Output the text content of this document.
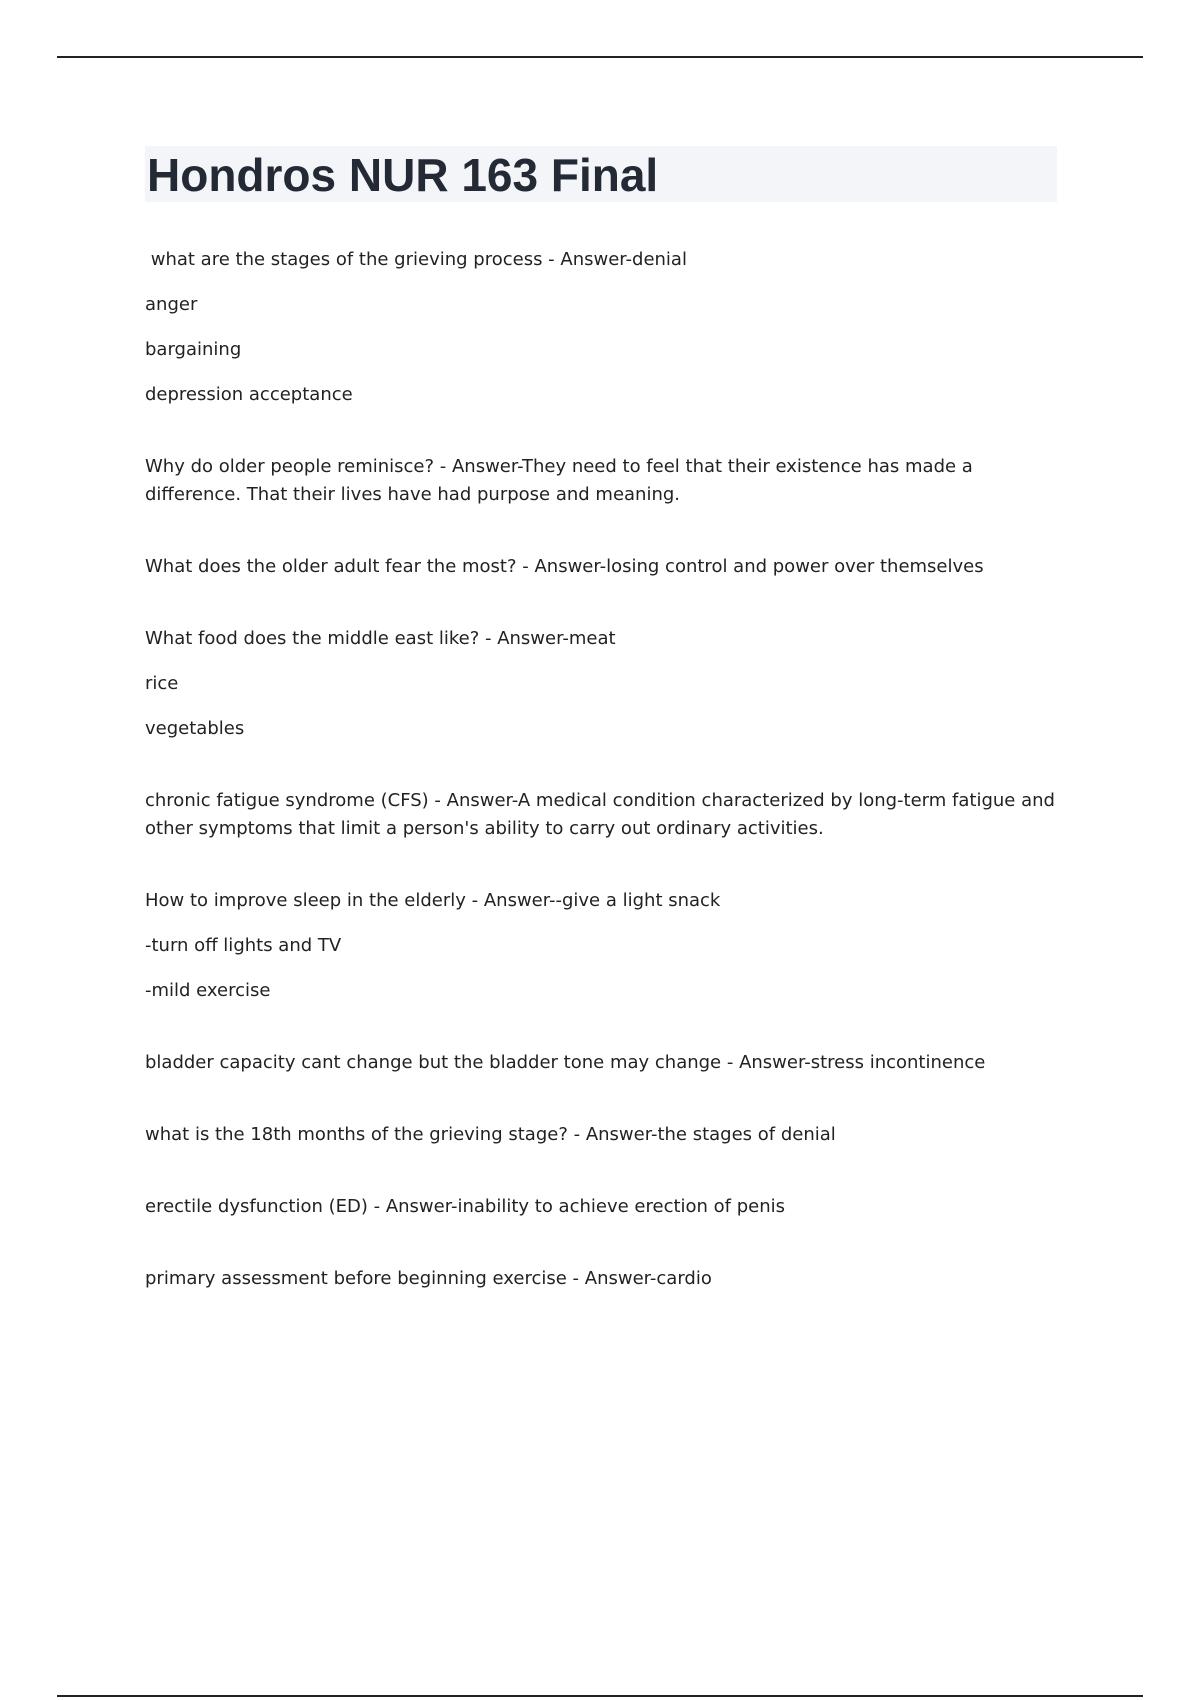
Hondros NUR 163 Final

what are the stages of the grieving process - Answer-denial

anger

bargaining

depression acceptance

Why do older people reminisce? - Answer-They need to feel that their existence has made a difference. That their lives have had purpose and meaning.

What does the older adult fear the most? - Answer-losing control and power over themselves

What food does the middle east like? - Answer-meat

rice

vegetables

chronic fatigue syndrome (CFS) - Answer-A medical condition characterized by long-term fatigue and other symptoms that limit a person's ability to carry out ordinary activities.

How to improve sleep in the elderly - Answer--give a light snack

-turn off lights and TV

-mild exercise

bladder capacity cant change but the bladder tone may change - Answer-stress incontinence

what is the 18th months of the grieving stage? - Answer-the stages of denial

erectile dysfunction (ED) - Answer-inability to achieve erection of penis

primary assessment before beginning exercise - Answer-cardio
